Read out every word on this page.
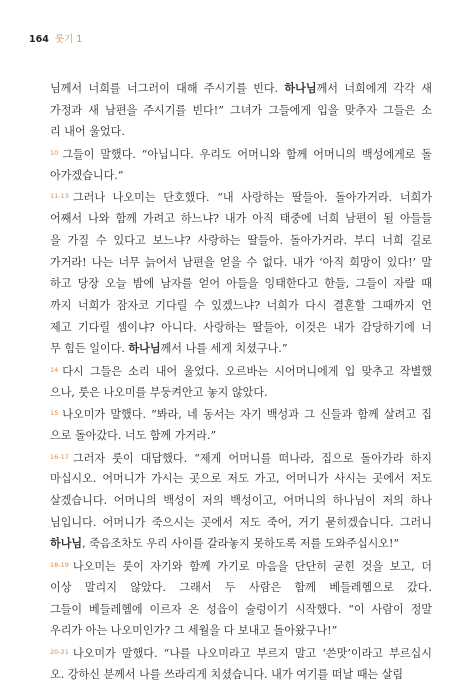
164 룻기 1
님께서 너희를 너그러이 대해 주시기를 빈다. 하나님께서 너희에게 각각 새
가정과 새 남편을 주시기를 빈다!” 그녀가 그들에게 입을 맞추자 그들은 소
리 내어 울었다.
$^{10}$ 그들이 말했다. “아닙니다. 우리도 어머니와 함께 어머니의 백성에게로 돌
아가겠습니다.”
$^{11-13}$ 그러나 나오미는 단호했다. “내 사랑하는 딸들아. 돌아가거라. 너희가
어째서 나와 함께 가려고 하느냐? 내가 아직 태중에 너희 남편이 될 아들들
을 가질 수 있다고 보느냐? 사랑하는 딸들아. 돌아가거라. 부디 너희 길로
가거라! 나는 너무 늙어서 남편을 얻을 수 없다. 내가 ‘아직 희망이 있다!’ 말
하고 당장 오늘 밤에 남자를 얻어 아들을 잉태한다고 한들, 그들이 자랄 때
까지 너희가 잠자코 기다릴 수 있겠느냐? 너희가 다시 결혼할 그때까지 언
제고 기다릴 셈이냐? 아니다. 사랑하는 딸들아, 이것은 내가 감당하기에 너
무 힘든 일이다. 하나님께서 나를 세게 치셨구나.”
$^{14}$ 다시 그들은 소리 내어 울었다. 오르바는 시어머니에게 입 맞추고 작별했
으나, 룻은 나오미를 부둥켜안고 놓지 않았다.
$^{15}$ 나오미가 말했다. “봐라, 네 동서는 자기 백성과 그 신들과 함께 살려고 집
으로 돌아갔다. 너도 함께 가거라.”
$^{16-17}$ 그러자 룻이 대답했다. “제게 어머니를 떠나라, 집으로 돌아가라 하지
마십시오. 어머니가 가시는 곳으로 저도 가고, 어머니가 사시는 곳에서 저도
살겠습니다. 어머니의 백성이 저의 백성이고, 어머니의 하나님이 저의 하나
님입니다. 어머니가 죽으시는 곳에서 저도 죽어, 거기 묻히겠습니다. 그러니
하나님, 죽음조차도 우리 사이를 갈라놓지 못하도록 저를 도와주십시오!”
$^{18-19}$ 나오미는 룻이 자기와 함께 가기로 마음을 단단히 굳힌 것을 보고, 더
이상 말리지 않았다. 그래서 두 사람은 함께 베들레헴으로 갔다.
그들이 베들레헴에 이르자 온 성읍이 술렁이기 시작했다. “이 사람이 정말
우리가 아는 나오미인가? 그 세월을 다 보내고 돌아왔구나!”
$^{20-21}$ 나오미가 말했다. “나를 나오미라고 부르지 말고 ‘쓴맛’이라고 부르십시
오. 강하신 분께서 나를 쓰라리게 치셨습니다. 내가 여기를 떠날 때는 살림
